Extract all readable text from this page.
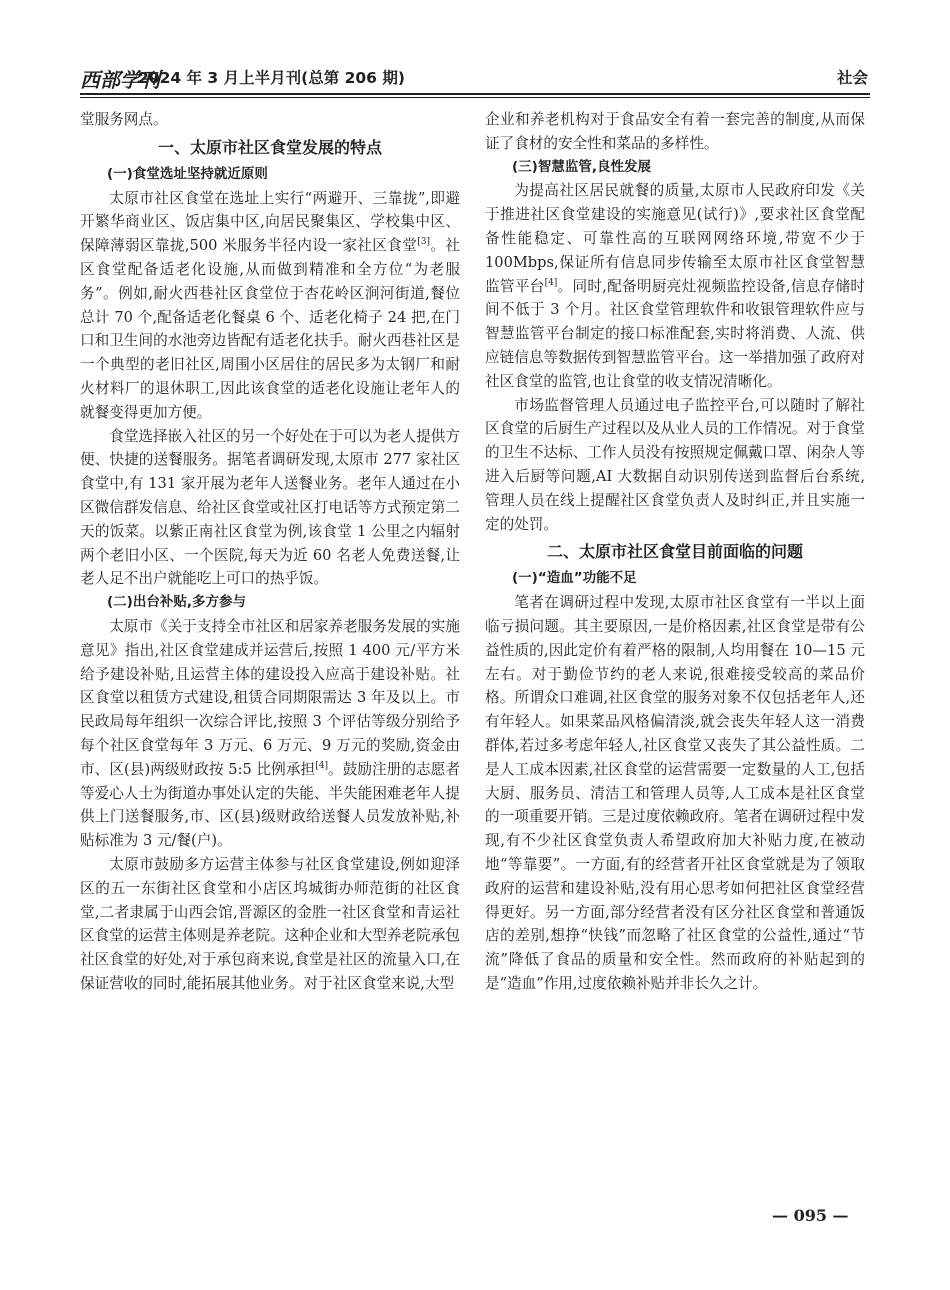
西部学刊
2024 年 3 月上半月刊(总第 206 期)	社会

堂服务网点。

一、太原市社区食堂发展的特点
(一)食堂选址坚持就近原则

太原市社区食堂在选址上实行“两避开、三靠拢”,即避开繁华商业区、饭店集中区,向居民聚集区、学校集中区、保障薄弱区靠拢,500 米服务半径内设一家社区食堂[3]。社区食堂配备适老化设施,从而做到精准和全方位“为老服务”。例如,耐火西巷社区食堂位于杏花岭区涧河街道,餐位总计 70 个,配备适老化餐桌 6 个、适老化椅子 24 把,在门口和卫生间的水池旁边皆配有适老化扶手。耐火西巷社区是一个典型的老旧社区,周围小区居住的居民多为太钢厂和耐火材料厂的退休职工,因此该食堂的适老化设施让老年人的就餐变得更加方便。

食堂选择嵌入社区的另一个好处在于可以为老人提供方便、快捷的送餐服务。据笔者调研发现,太原市 277 家社区食堂中,有 131 家开展为老年人送餐业务。老年人通过在小区微信群发信息、给社区食堂或社区打电话等方式预定第二天的饭菜。以紫正南社区食堂为例,该食堂 1 公里之内辐射两个老旧小区、一个医院,每天为近 60 名老人免费送餐,让老人足不出户就能吃上可口的热乎饭。

(二)出台补贴,多方参与

太原市《关于支持全市社区和居家养老服务发展的实施意见》指出,社区食堂建成并运营后,按照 1 400 元/平方米给予建设补贴,且运营主体的建设投入应高于建设补贴。社区食堂以租赁方式建设,租赁合同期限需达 3 年及以上。市民政局每年组织一次综合评比,按照 3 个评估等级分别给予每个社区食堂每年 3 万元、6 万元、9 万元的奖励,资金由市、区(县)两级财政按 5:5 比例承担[4]。鼓励注册的志愿者等爱心人士为街道办事处认定的失能、半失能困难老年人提供上门送餐服务,市、区(县)级财政给送餐人员发放补贴,补贴标准为 3 元/餐(户)。

太原市鼓励多方运营主体参与社区食堂建设,例如迎泽区的五一东街社区食堂和小店区坞城街办师范街的社区食堂,二者隶属于山西会馆,晋源区的金胜一社区食堂和青运社区食堂的运营主体则是养老院。这种企业和大型养老院承包社区食堂的好处,对于承包商来说,食堂是社区的流量入口,在保证营收的同时,能拓展其他业务。对于社区食堂来说,大型

企业和养老机构对于食品安全有着一套完善的制度,从而保证了食材的安全性和菜品的多样性。

(三)智慧监管,良性发展

为提高社区居民就餐的质量,太原市人民政府印发《关于推进社区食堂建设的实施意见(试行)》,要求社区食堂配备性能稳定、可靠性高的互联网网络环境,带宽不少于 100Mbps,保证所有信息同步传输至太原市社区食堂智慧监管平台[4]。同时,配备明厨亮灶视频监控设备,信息存储时间不低于 3 个月。社区食堂管理软件和收银管理软件应与智慧监管平台制定的接口标准配套,实时将消费、人流、供应链信息等数据传到智慧监管平台。这一举措加强了政府对社区食堂的监管,也让食堂的收支情况清晰化。

市场监督管理人员通过电子监控平台,可以随时了解社区食堂的后厨生产过程以及从业人员的工作情况。对于食堂的卫生不达标、工作人员没有按照规定佩戴口罩、闲杂人等进入后厨等问题,AI 大数据自动识别传送到监督后台系统,管理人员在线上提醒社区食堂负责人及时纠正,并且实施一定的处罚。

二、太原市社区食堂目前面临的问题
(一)“造血”功能不足

笔者在调研过程中发现,太原市社区食堂有一半以上面临亏损问题。其主要原因,一是价格因素,社区食堂是带有公益性质的,因此定价有着严格的限制,人均用餐在 10—15 元左右。对于勤俭节约的老人来说,很难接受较高的菜品价格。所谓众口难调,社区食堂的服务对象不仅包括老年人,还有年轻人。如果菜品风格偏清淡,就会丧失年轻人这一消费群体,若过多考虑年轻人,社区食堂又丧失了其公益性质。二是人工成本因素,社区食堂的运营需要一定数量的人工,包括大厨、服务员、清洁工和管理人员等,人工成本是社区食堂的一项重要开销。三是过度依赖政府。笔者在调研过程中发现,有不少社区食堂负责人希望政府加大补贴力度,在被动地“等靠要”。一方面,有的经营者开社区食堂就是为了领取政府的运营和建设补贴,没有用心思考如何把社区食堂经营得更好。另一方面,部分经营者没有区分社区食堂和普通饭店的差别,想挣“快钱”而忽略了社区食堂的公益性,通过“节流”降低了食品的质量和安全性。然而政府的补贴起到的是“造血”作用,过度依赖补贴并非长久之计。

— 095 —
